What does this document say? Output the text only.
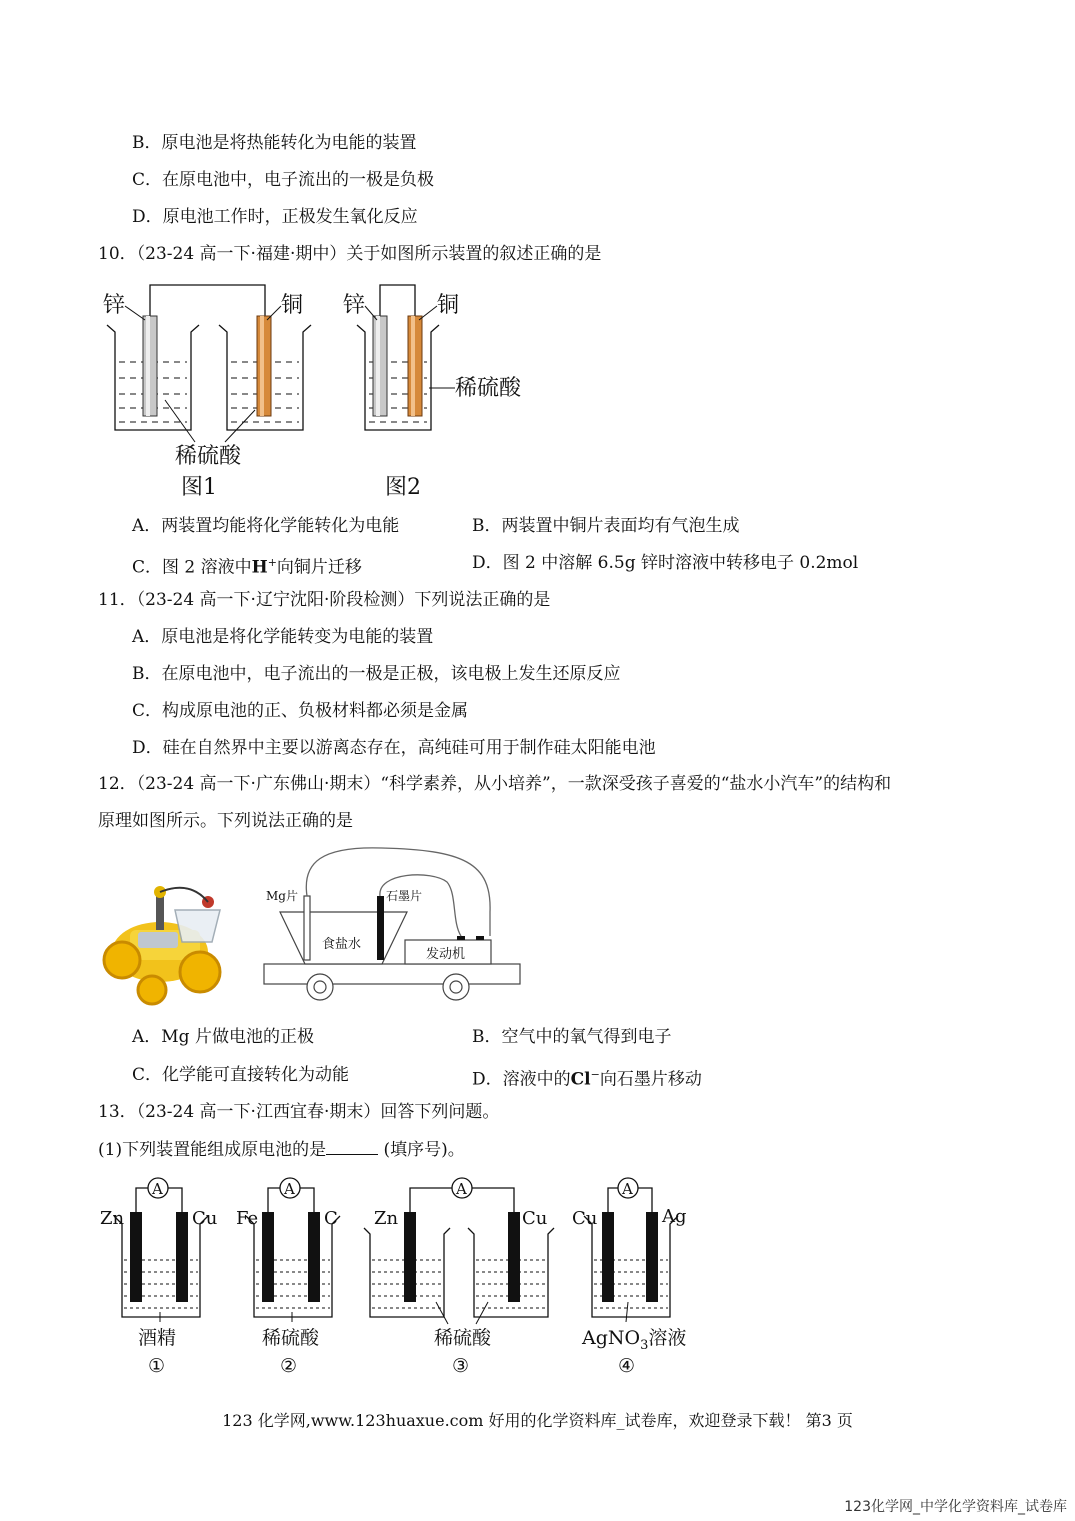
B．原电池是将热能转化为电能的装置
C．在原电池中，电子流出的一极是负极
D．原电池工作时，正极发生氧化反应
10．（23-24 高一下·福建·期中）关于如图所示装置的叙述正确的是
锌	铜
稀硫酸
图1
锌	铜
稀硫酸
图2
A．两装置均能将化学能转化为电能	B．两装置中铜片表面均有气泡生成
C．图 2 溶液中H+向铜片迁移	D．图 2 中溶解 6.5g 锌时溶液中转移电子 0.2mol
11．（23-24 高一下·辽宁沈阳·阶段检测）下列说法正确的是
A．原电池是将化学能转变为电能的装置
B．在原电池中，电子流出的一极是正极，该电极上发生还原反应
C．构成原电池的正、负极材料都必须是金属
D．硅在自然界中主要以游离态存在，高纯硅可用于制作硅太阳能电池
12．（23-24 高一下·广东佛山·期末）“科学素养，从小培养”，一款深受孩子喜爱的“盐水小汽车”的结构和
原理如图所示。下列说法正确的是
Mg片	石墨片
食盐水
发动机
A．Mg 片做电池的正极	B．空气中的氧气得到电子
C．化学能可直接转化为动能	D．溶液中的Cl−向石墨片移动
13．（23-24 高一下·江西宜春·期末）回答下列问题。
(1)下列装置能组成原电池的是	(填序号)。
A
Zn	Cu
酒精
①
A
Fe	C
稀硫酸
②
A
Zn	Cu
稀硫酸
③
A
Cu	Ag
AgNO$_3$溶液
④
123 化学网,www.123huaxue.com 好用的化学资料库_试卷库，欢迎登录下载！ 第3 页
123化学网_中学化学资料库_试卷库
